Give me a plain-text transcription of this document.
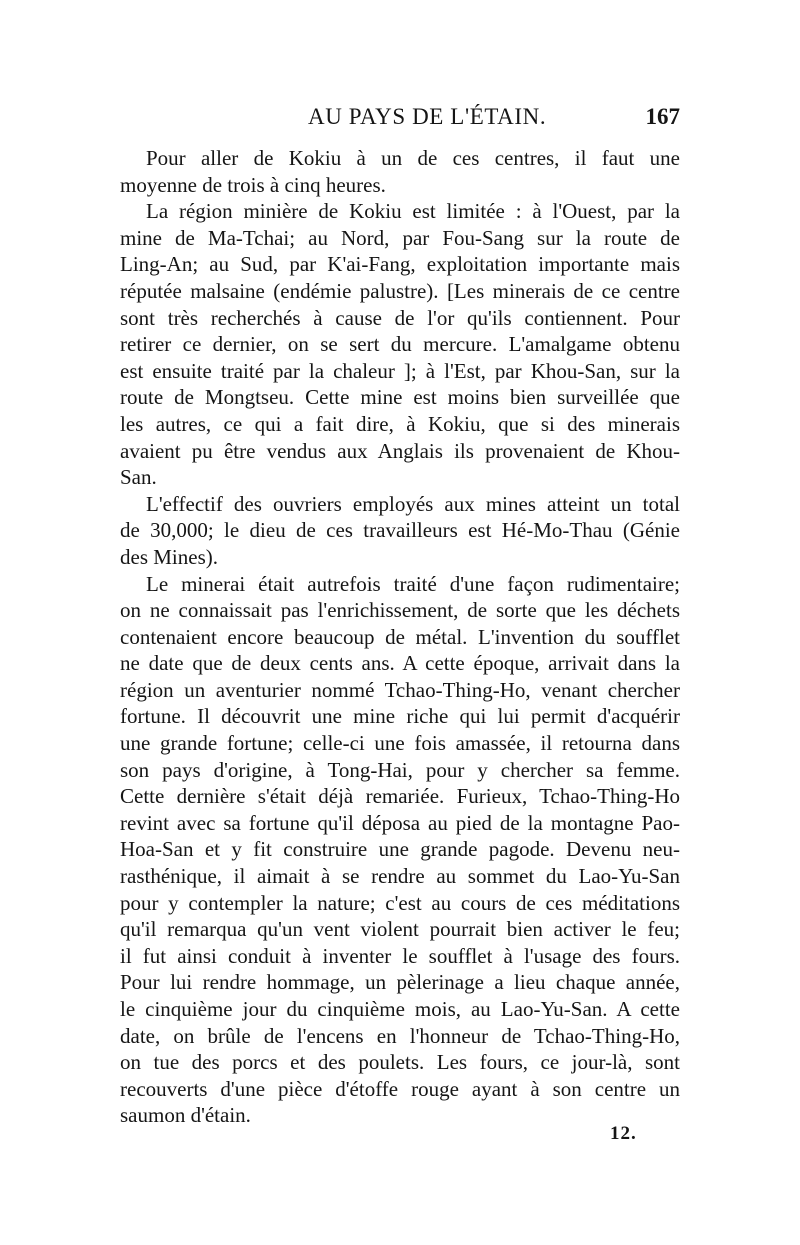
AU PAYS DE L'ÉTAIN.	167
Pour aller de Kokiu à un de ces centres, il faut une
moyenne de trois à cinq heures.
La région minière de Kokiu est limitée : à l'Ouest, par la
mine de Ma-Tchai; au Nord, par Fou-Sang sur la route de
Ling-An; au Sud, par K'ai-Fang, exploitation importante mais
réputée malsaine (endémie palustre). [Les minerais de ce centre
sont très recherchés à cause de l'or qu'ils contiennent. Pour
retirer ce dernier, on se sert du mercure. L'amalgame obtenu
est ensuite traité par la chaleur ]; à l'Est, par Khou-San, sur la
route de Mongtseu. Cette mine est moins bien surveillée que
les autres, ce qui a fait dire, à Kokiu, que si des minerais
avaient pu être vendus aux Anglais ils provenaient de Khou-
San.
L'effectif des ouvriers employés aux mines atteint un total
de 30,000; le dieu de ces travailleurs est Hé-Mo-Thau (Génie
des Mines).
Le minerai était autrefois traité d'une façon rudimentaire;
on ne connaissait pas l'enrichissement, de sorte que les déchets
contenaient encore beaucoup de métal. L'invention du soufflet
ne date que de deux cents ans. A cette époque, arrivait dans la
région un aventurier nommé Tchao-Thing-Ho, venant chercher
fortune. Il découvrit une mine riche qui lui permit d'acquérir
une grande fortune; celle-ci une fois amassée, il retourna dans
son pays d'origine, à Tong-Hai, pour y chercher sa femme.
Cette dernière s'était déjà remariée. Furieux, Tchao-Thing-Ho
revint avec sa fortune qu'il déposa au pied de la montagne Pao-
Hoa-San et y fit construire une grande pagode. Devenu neu-
rasthénique, il aimait à se rendre au sommet du Lao-Yu-San
pour y contempler la nature; c'est au cours de ces méditations
qu'il remarqua qu'un vent violent pourrait bien activer le feu;
il fut ainsi conduit à inventer le soufflet à l'usage des fours.
Pour lui rendre hommage, un pèlerinage a lieu chaque année,
le cinquième jour du cinquième mois, au Lao-Yu-San. A cette
date, on brûle de l'encens en l'honneur de Tchao-Thing-Ho,
on tue des porcs et des poulets. Les fours, ce jour-là, sont
recouverts d'une pièce d'étoffe rouge ayant à son centre un
saumon d'étain.
12.
